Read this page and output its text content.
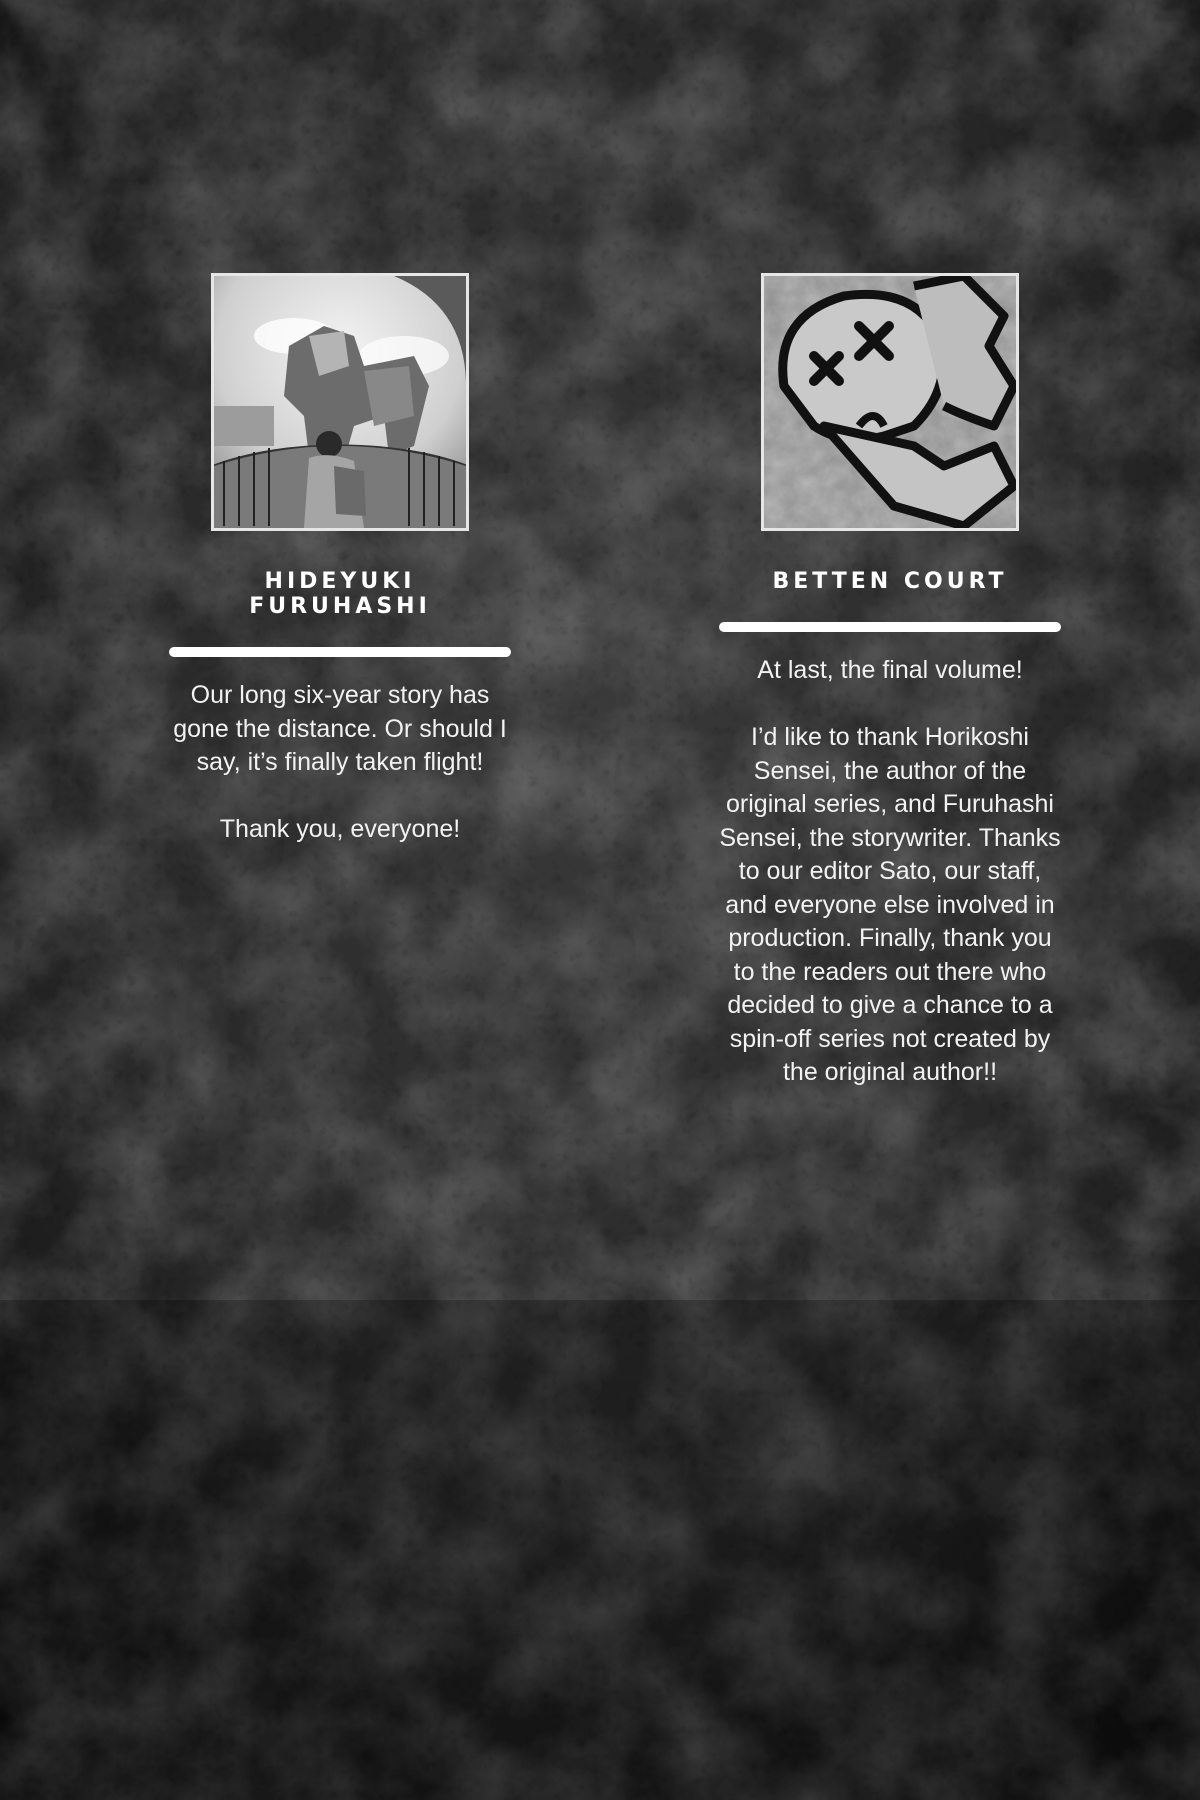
HIDEYUKI FURUHASHI

Our long six-year story has gone the distance. Or should I say, it’s finally taken flight!

Thank you, everyone!

BETTEN COURT

At last, the final volume!

I’d like to thank Horikoshi Sensei, the author of the original series, and Furuhashi Sensei, the storywriter. Thanks to our editor Sato, our staff, and everyone else involved in production. Finally, thank you to the readers out there who decided to give a chance to a spin-off series not created by the original author!!
